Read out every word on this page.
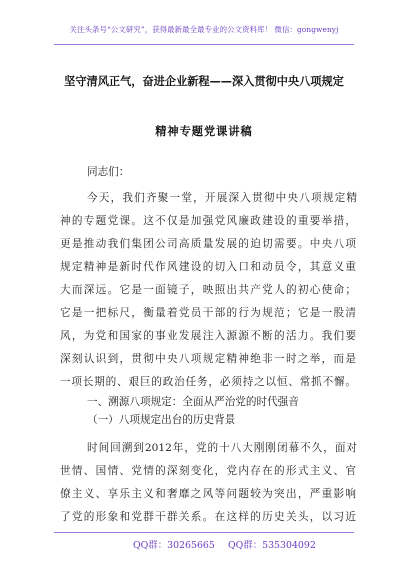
关注头条号“公文研究”，获得最新最全最专业的公文资料库！ 微信：gongwenyj
坚守清风正气，奋进企业新程——深入贯彻中央八项规定
精神专题党课讲稿
同志们：
今天，我们齐聚一堂，开展深入贯彻中央八项规定精
神的专题党课。这不仅是加强党风廉政建设的重要举措，
更是推动我们集团公司高质量发展的迫切需要。中央八项
规定精神是新时代作风建设的切入口和动员令，其意义重
大而深远。它是一面镜子，映照出共产党人的初心使命；
它是一把标尺，衡量着党员干部的行为规范；它是一股清
风，为党和国家的事业发展注入源源不断的活力。我们要
深刻认识到，贯彻中央八项规定精神绝非一时之举，而是
一项长期的、艰巨的政治任务，必须持之以恒、常抓不懈。
一、溯源八项规定：全面从严治党的时代强音
（一）八项规定出台的历史背景
时间回溯到2012年，党的十八大刚刚闭幕不久，面对
世情、国情、党情的深刻变化，党内存在的形式主义、官
僚主义、享乐主义和奢靡之风等问题较为突出，严重影响
了党的形象和党群干群关系。在这样的历史关头，以习近
QQ群：30265665 QQ群：535304092
